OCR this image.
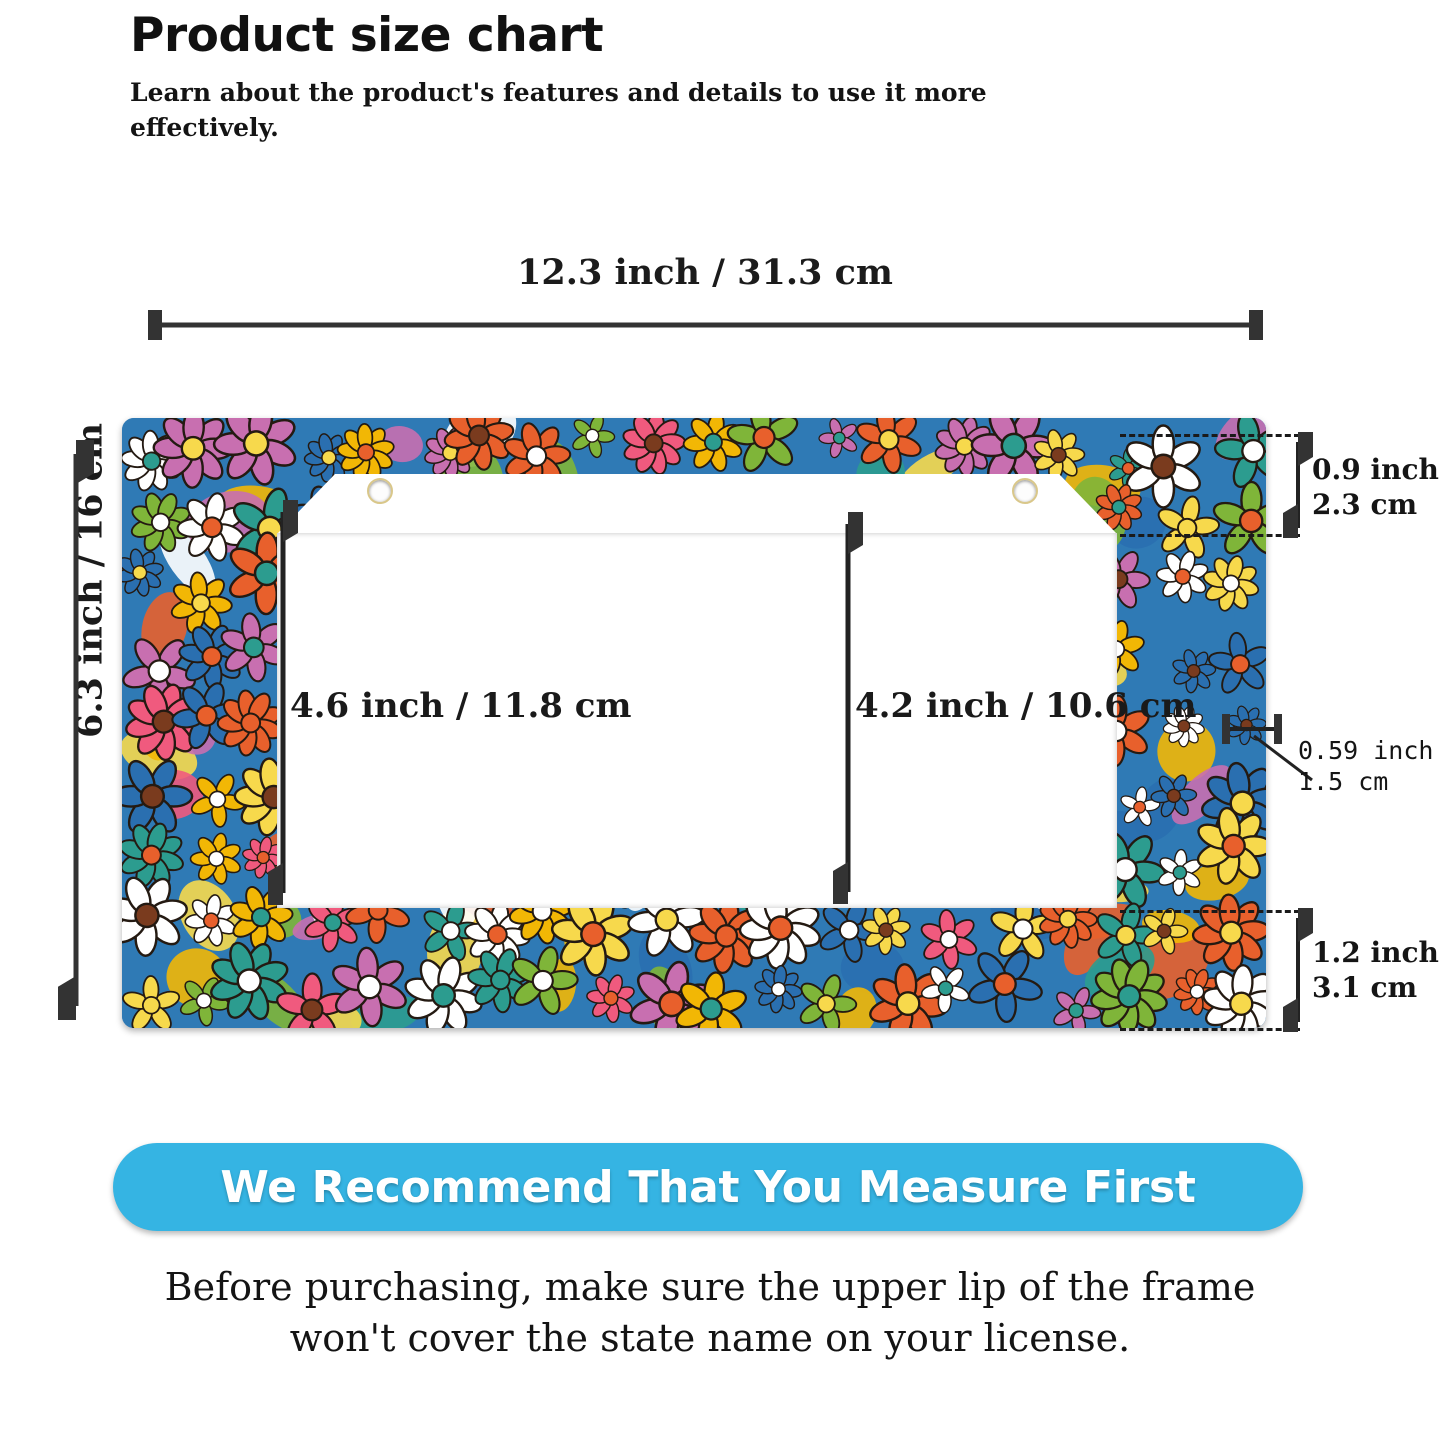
Product size chart
Learn about the product's features and details to use it more effectively.
12.3 inch / 31.3 cm
6.3 inch / 16 cm	4.6 inch / 11.8 cm	4.2 inch / 10.6 cm
0.9 inch
2.3 cm
0.59 inch
1.5 cm
1.2 inch
3.1 cm
We Recommend That You Measure First
Before purchasing, make sure the upper lip of the frame won't cover the state name on your license.
